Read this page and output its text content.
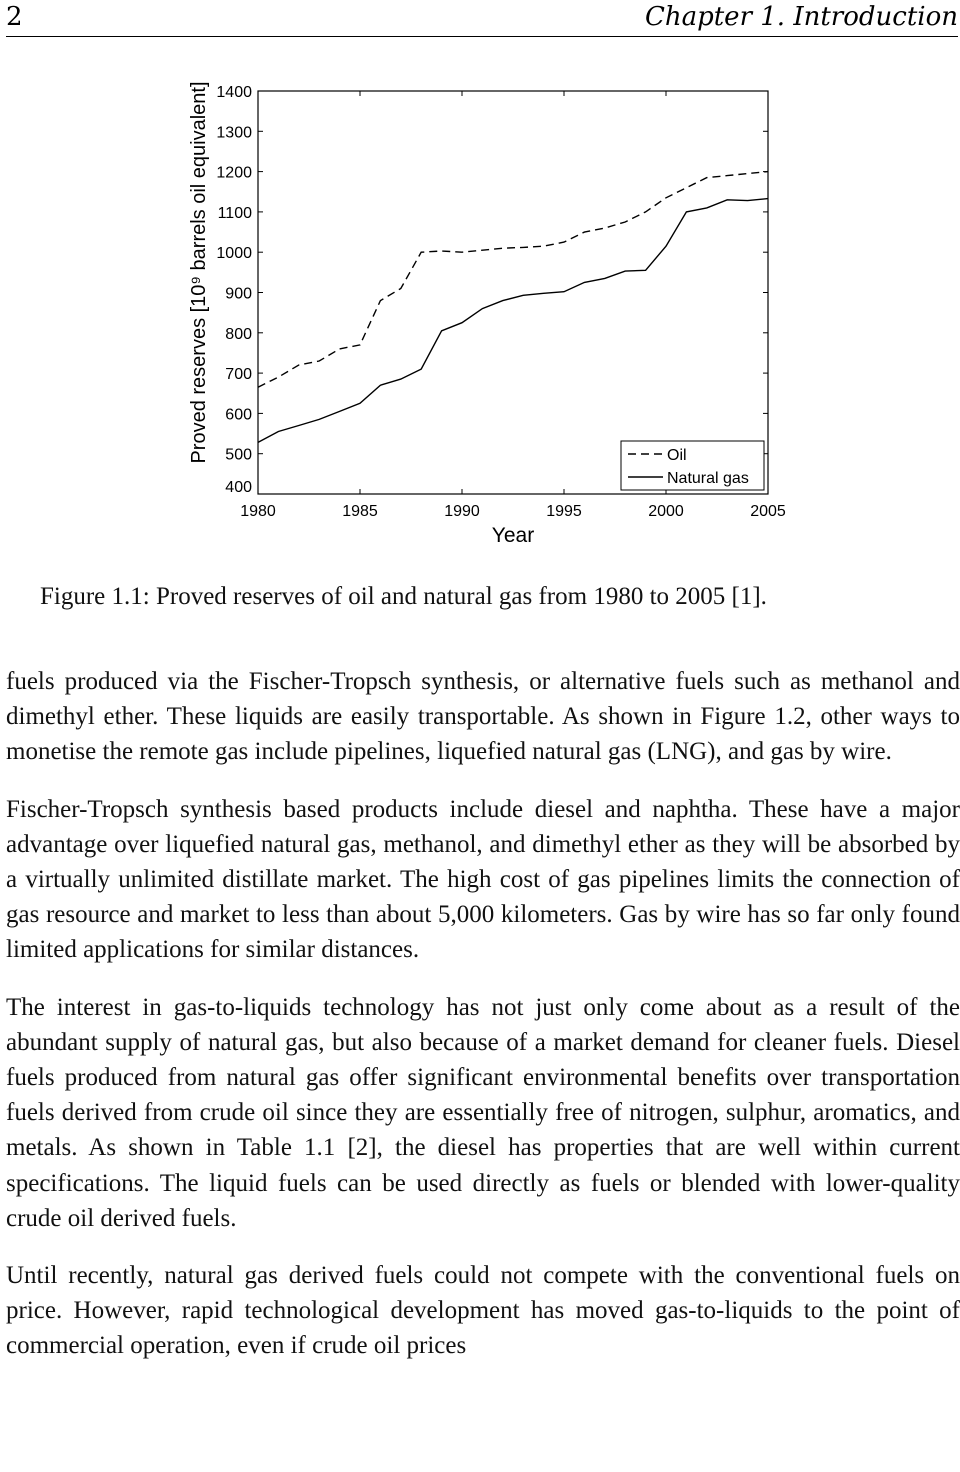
2	Chapter 1. Introduction
400
500
600
700
800
900
1000
1100
1200
1300
1400
1980	1985	1990	1995	2000	2005
Year
Proved reserves [10⁹ barrels oil equivalent]	Oil
Natural gas
Figure 1.1: Proved reserves of oil and natural gas from 1980 to 2005 [1].

fuels produced via the Fischer-Tropsch synthesis, or alternative fuels such as methanol and dimethyl ether. These liquids are easily transportable. As shown in Figure 1.2, other ways to monetise the remote gas include pipelines, liquefied natural gas (LNG), and gas by wire.

Fischer-Tropsch synthesis based products include diesel and naphtha. These have a major advantage over liquefied natural gas, methanol, and dimethyl ether as they will be absorbed by a virtually unlimited distillate market. The high cost of gas pipelines limits the connection of gas resource and market to less than about 5,000 kilometers. Gas by wire has so far only found limited applications for similar distances.

The interest in gas-to-liquids technology has not just only come about as a result of the abundant supply of natural gas, but also because of a market demand for cleaner fuels. Diesel fuels produced from natural gas offer significant environmental benefits over transportation fuels derived from crude oil since they are essentially free of nitrogen, sulphur, aromatics, and metals. As shown in Table 1.1 [2], the diesel has properties that are well within current specifications. The liquid fuels can be used directly as fuels or blended with lower-quality crude oil derived fuels.

Until recently, natural gas derived fuels could not compete with the conventional fuels on price. However, rapid technological development has moved gas-to-liquids to the point of commercial operation, even if crude oil prices
